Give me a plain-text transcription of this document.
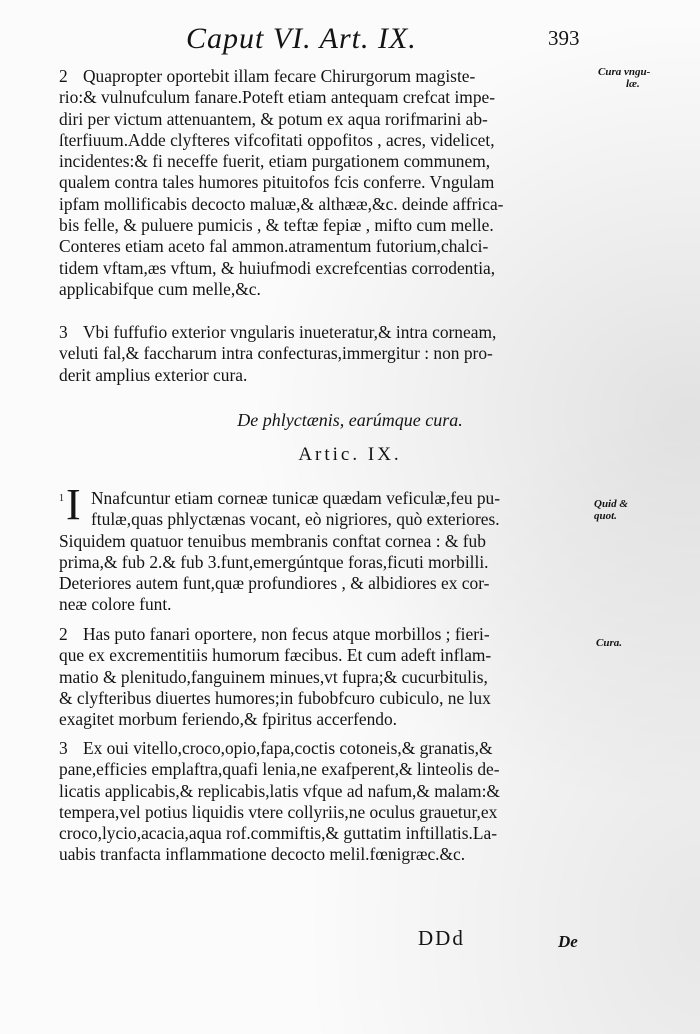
Caput VI. Art. IX.	393
Cura vngu-
læ.
Quid &
quot.
Cura.
2 Quapropter oportebit illam fecare Chirurgorum magiste-
rio:& vulnufculum fanare.Poteft etiam antequam crefcat impe-
diri per victum attenuantem, & potum ex aqua rorifmarini ab-
ſterfiuum.Adde clyfteres vifcofitati oppofitos , acres, videlicet,
incidentes:& fi neceffe fuerit, etiam purgationem communem,
qualem contra tales humores pituitofos fcis conferre. Vngulam
ipfam mollificabis decocto maluæ,& althææ,&c. deinde affrica-
bis felle, & puluere pumicis , & teftæ fepiæ , mifto cum melle.
Conteres etiam aceto fal ammon.atramentum futorium,chalci-
tidem vftam,æs vftum, & huiufmodi excrefcentias corrodentia,
applicabifque cum melle,&c.
3 Vbi fuffufio exterior vngularis inueteratur,& intra corneam,
veluti fal,& faccharum intra confecturas,immergitur : non pro-
derit amplius exterior cura.
De phlyctænis, earúmque cura.
Artic. IX.
1 Nnafcuntur etiam corneæ tunicæ quædam veficulæ,feu pu-
ftulæ,quas phlyctænas vocant, eò nigriores, quò exteriores.
Siquidem quatuor tenuibus membranis conftat cornea : & fub
prima,& fub 2.& fub 3.funt,emergúntque foras,ficuti morbilli.
Deteriores autem funt,quæ profundiores , & albidiores ex cor-
neæ colore funt.
I
2 Has puto fanari oportere, non fecus atque morbillos ; fieri-
que ex excrementitiis humorum fæcibus. Et cum adeft inflam-
matio & plenitudo,fanguinem minues,vt fupra;& cucurbitulis,
& clyfteribus diuertes humores;in fubobfcuro cubiculo, ne lux
exagitet morbum feriendo,& fpiritus accerfendo.
3 Ex oui vitello,croco,opio,fapa,coctis cotoneis,& granatis,&
pane,efficies emplaftra,quafi lenia,ne exafperent,& linteolis de-
licatis applicabis,& replicabis,latis vfque ad nafum,& malam:&
tempera,vel potius liquidis vtere collyriis,ne oculus grauetur,ex
croco,lycio,acacia,aqua rof.commiftis,& guttatim inftillatis.La-
uabis tranfacta inflammatione decocto melil.fœnigræc.&c.
DDd	De
